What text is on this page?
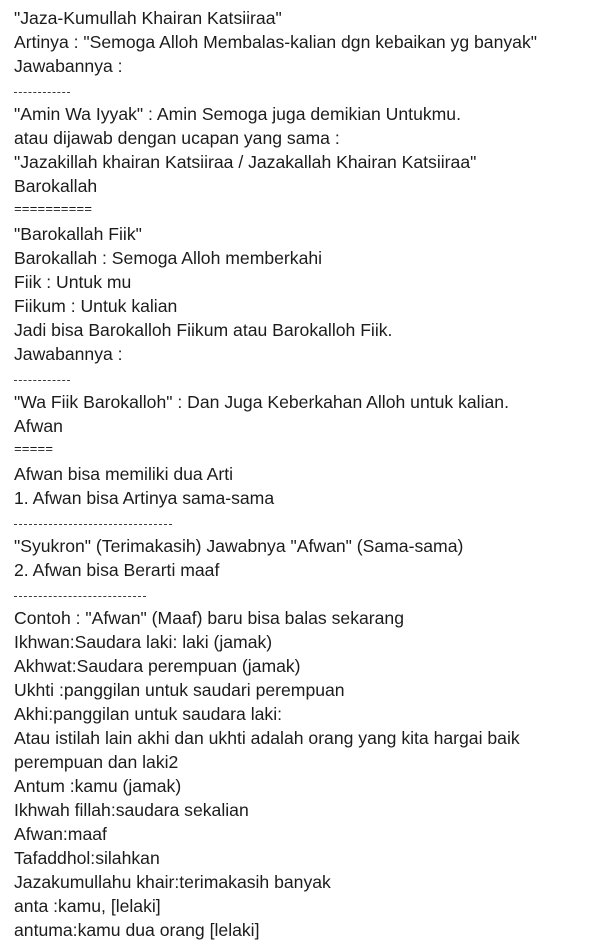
"Jaza-Kumullah Khairan Katsiiraa"
Artinya : "Semoga Alloh Membalas-kalian dgn kebaikan yg banyak"
Jawabannya :
"Amin Wa Iyyak" : Amin Semoga juga demikian Untukmu.
atau dijawab dengan ucapan yang sama :
"Jazakillah khairan Katsiiraa / Jazakallah Khairan Katsiiraa"
Barokallah
==========
"Barokallah Fiik"
Barokallah : Semoga Alloh memberkahi
Fiik : Untuk mu
Fiikum : Untuk kalian
Jadi bisa Barokalloh Fiikum atau Barokalloh Fiik.
Jawabannya :
"Wa Fiik Barokalloh" : Dan Juga Keberkahan Alloh untuk kalian.
Afwan
=====
Afwan bisa memiliki dua Arti
1. Afwan bisa Artinya sama-sama
"Syukron" (Terimakasih) Jawabnya "Afwan" (Sama-sama)
2. Afwan bisa Berarti maaf
Contoh : "Afwan" (Maaf) baru bisa balas sekarang
Ikhwan:Saudara laki: laki (jamak)
Akhwat:Saudara perempuan (jamak)
Ukhti :panggilan untuk saudari perempuan
Akhi:panggilan untuk saudara laki:
Atau istilah lain akhi dan ukhti adalah orang yang kita hargai baik
perempuan dan laki2
Antum :kamu (jamak)
Ikhwah fillah:saudara sekalian
Afwan:maaf
Tafaddhol:silahkan
Jazakumullahu khair:terimakasih banyak
anta :kamu, [lelaki]
antuma:kamu dua orang [lelaki]
